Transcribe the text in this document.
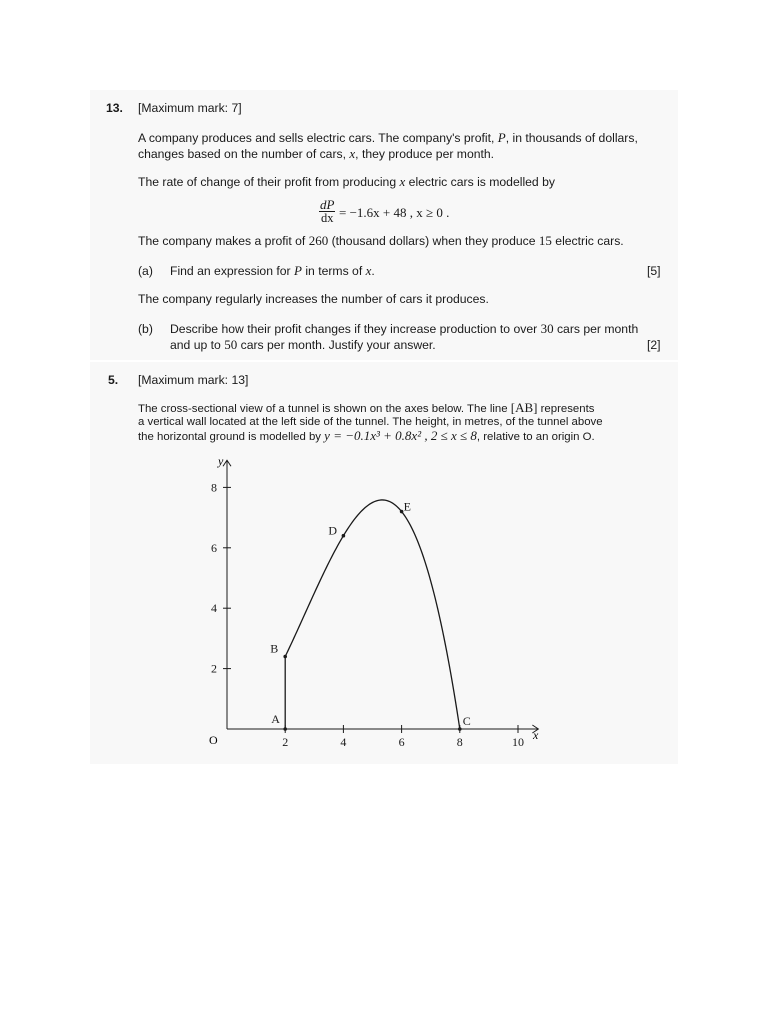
13. [Maximum mark: 7]
A company produces and sells electric cars. The company's profit, P, in thousands of dollars,
changes based on the number of cars, x, they produce per month.
The rate of change of their profit from producing x electric cars is modelled by
$\frac{dP}{dx} = -1.6x + 48$ , x ≥ 0 .
The company makes a profit of 260 (thousand dollars) when they produce 15 electric cars.
(a) Find an expression for P in terms of x.	[5]
The company regularly increases the number of cars it produces.
(b) Describe how their profit changes if they increase production to over 30 cars per month
and up to 50 cars per month. Justify your answer.	[2]
5. [Maximum mark: 13]
The cross-sectional view of a tunnel is shown on the axes below. The line [AB] represents
a vertical wall located at the left side of the tunnel. The height, in metres, of the tunnel above
the horizontal ground is modelled by y = −0.1x³ + 0.8x² , 2 ≤ x ≤ 8, relative to an origin O.
2	4	6	8	10
2
4
6
8
A
B
C
D
E
x
y
O
